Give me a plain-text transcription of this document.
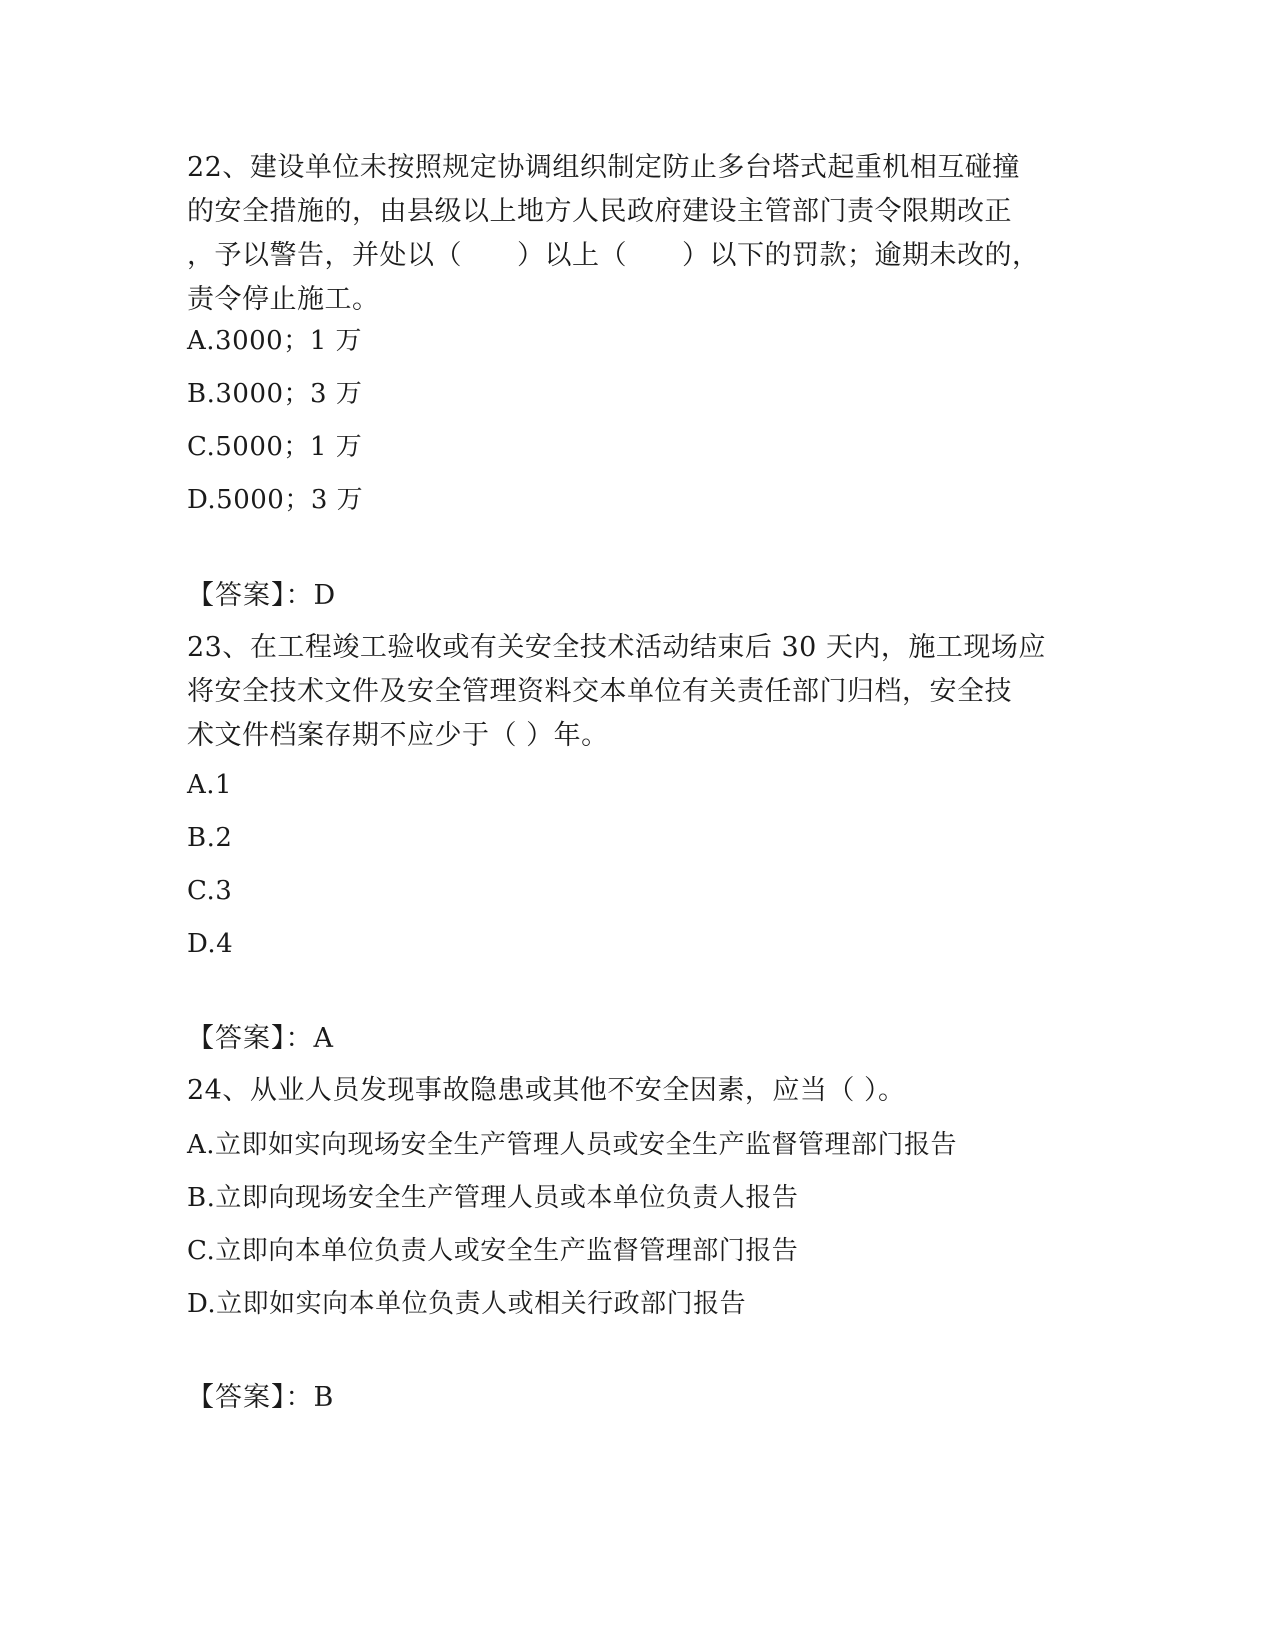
22、建设单位未按照规定协调组织制定防止多台塔式起重机相互碰撞
的安全措施的，由县级以上地方人民政府建设主管部门责令限期改正
，予以警告，并处以（　　）以上（　　）以下的罚款；逾期未改的，
责令停止施工。

A.3000；1 万
B.3000；3 万
C.5000；1 万
D.5000；3 万
【答案】：D

23、在工程竣工验收或有关安全技术活动结束后 30 天内，施工现场应
将安全技术文件及安全管理资料交本单位有关责任部门归档，安全技
术文件档案存期不应少于（ ）年。

A.1
B.2
C.3
D.4
【答案】：A

24、从业人员发现事故隐患或其他不安全因素，应当（ ）。

A.立即如实向现场安全生产管理人员或安全生产监督管理部门报告
B.立即向现场安全生产管理人员或本单位负责人报告
C.立即向本单位负责人或安全生产监督管理部门报告
D.立即如实向本单位负责人或相关行政部门报告
【答案】：B
